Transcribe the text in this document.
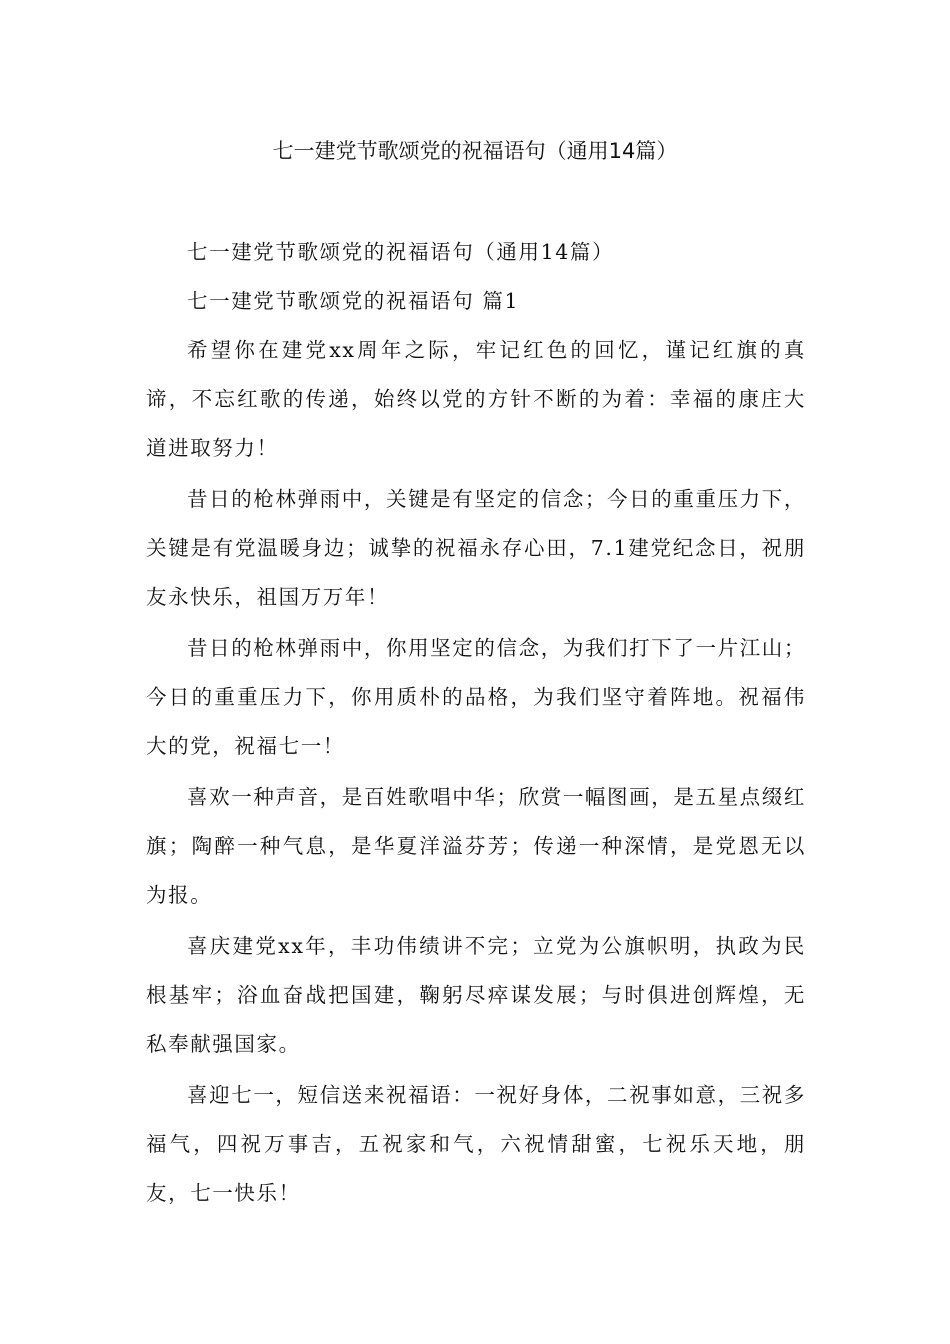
七一建党节歌颂党的祝福语句（通用14篇）

七一建党节歌颂党的祝福语句（通用14篇）

七一建党节歌颂党的祝福语句 篇1

希望你在建党xx周年之际，牢记红色的回忆，谨记红旗的真谛，不忘红歌的传递，始终以党的方针不断的为着：幸福的康庄大道进取努力！

昔日的枪林弹雨中，关键是有坚定的信念；今日的重重压力下，关键是有党温暖身边；诚挚的祝福永存心田，7.1建党纪念日，祝朋友永快乐，祖国万万年！

昔日的枪林弹雨中，你用坚定的信念，为我们打下了一片江山；今日的重重压力下，你用质朴的品格，为我们坚守着阵地。祝福伟大的党，祝福七一！

喜欢一种声音，是百姓歌唱中华；欣赏一幅图画，是五星点缀红旗；陶醉一种气息，是华夏洋溢芬芳；传递一种深情，是党恩无以为报。

喜庆建党xx年，丰功伟绩讲不完；立党为公旗帜明，执政为民根基牢；浴血奋战把国建，鞠躬尽瘁谋发展；与时俱进创辉煌，无私奉献强国家。

喜迎七一，短信送来祝福语：一祝好身体，二祝事如意，三祝多福气，四祝万事吉，五祝家和气，六祝情甜蜜，七祝乐天地，朋友，七一快乐！
